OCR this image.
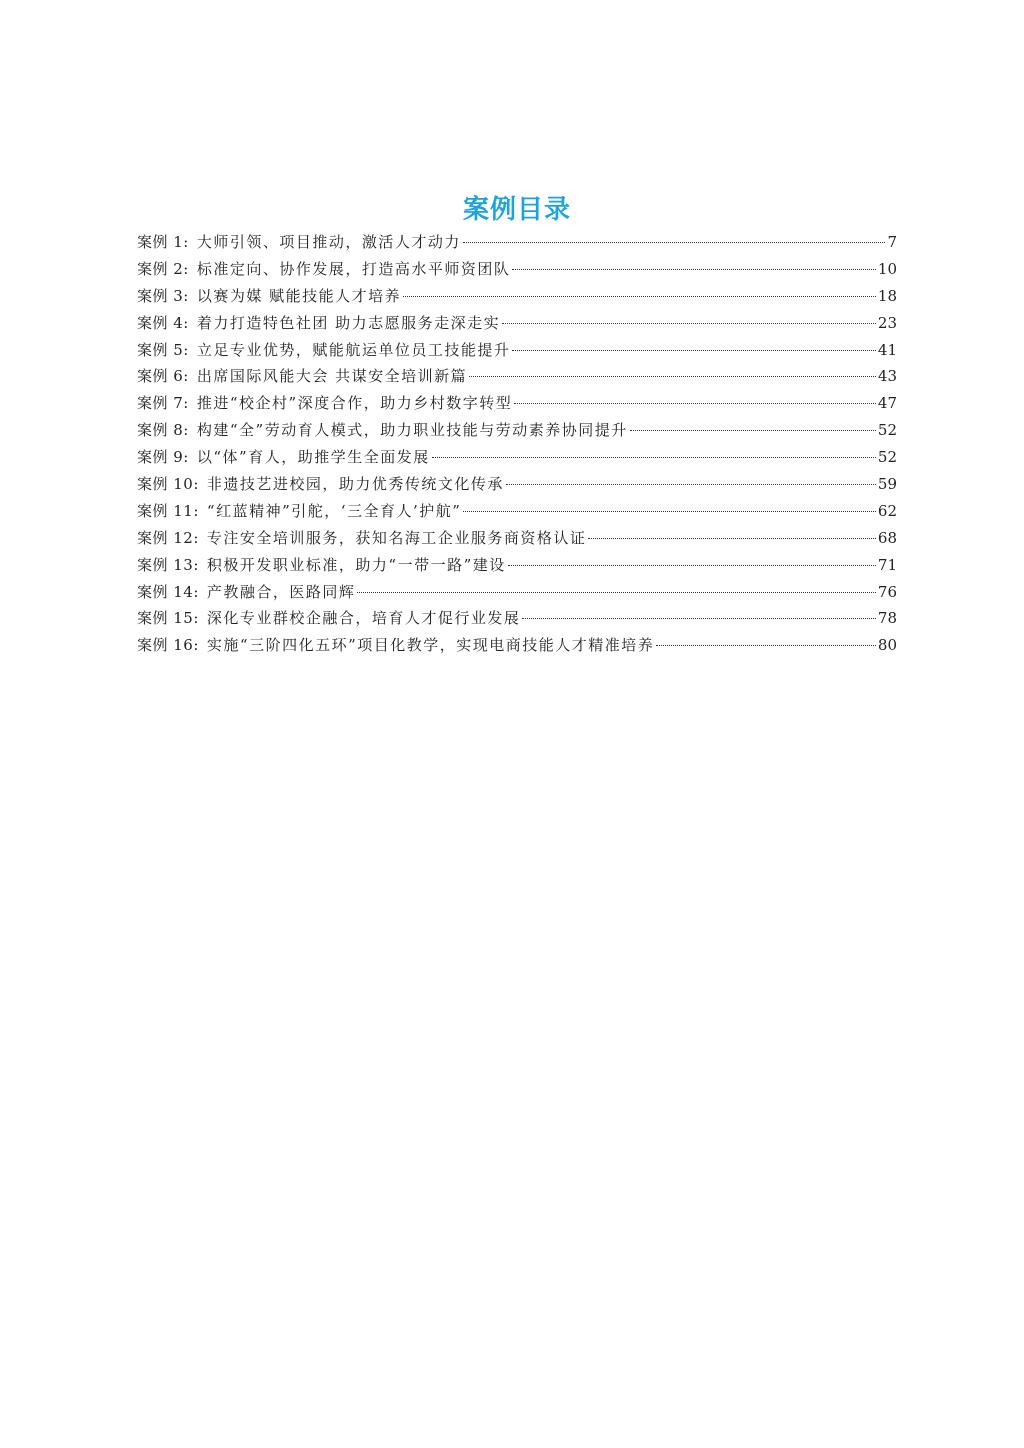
案例目录
案例 1: 大师引领、项目推动，激活人才动力	7
案例 2: 标准定向、协作发展，打造高水平师资团队	10
案例 3: 以赛为媒 赋能技能人才培养	18
案例 4: 着力打造特色社团 助力志愿服务走深走实	23
案例 5: 立足专业优势，赋能航运单位员工技能提升	41
案例 6: 出席国际风能大会 共谋安全培训新篇	43
案例 7: 推进“校企村”深度合作，助力乡村数字转型	47
案例 8: 构建“全”劳动育人模式，助力职业技能与劳动素养协同提升	52
案例 9: 以“体”育人，助推学生全面发展	52
案例 10: 非遗技艺进校园，助力优秀传统文化传承	59
案例 11: “红蓝精神”引舵，‘三全育人’护航”	62
案例 12: 专注安全培训服务，获知名海工企业服务商资格认证	68
案例 13: 积极开发职业标准，助力“一带一路”建设	71
案例 14: 产教融合，医路同辉	76
案例 15: 深化专业群校企融合，培育人才促行业发展	78
案例 16: 实施“三阶四化五环”项目化教学，实现电商技能人才精准培养	80
